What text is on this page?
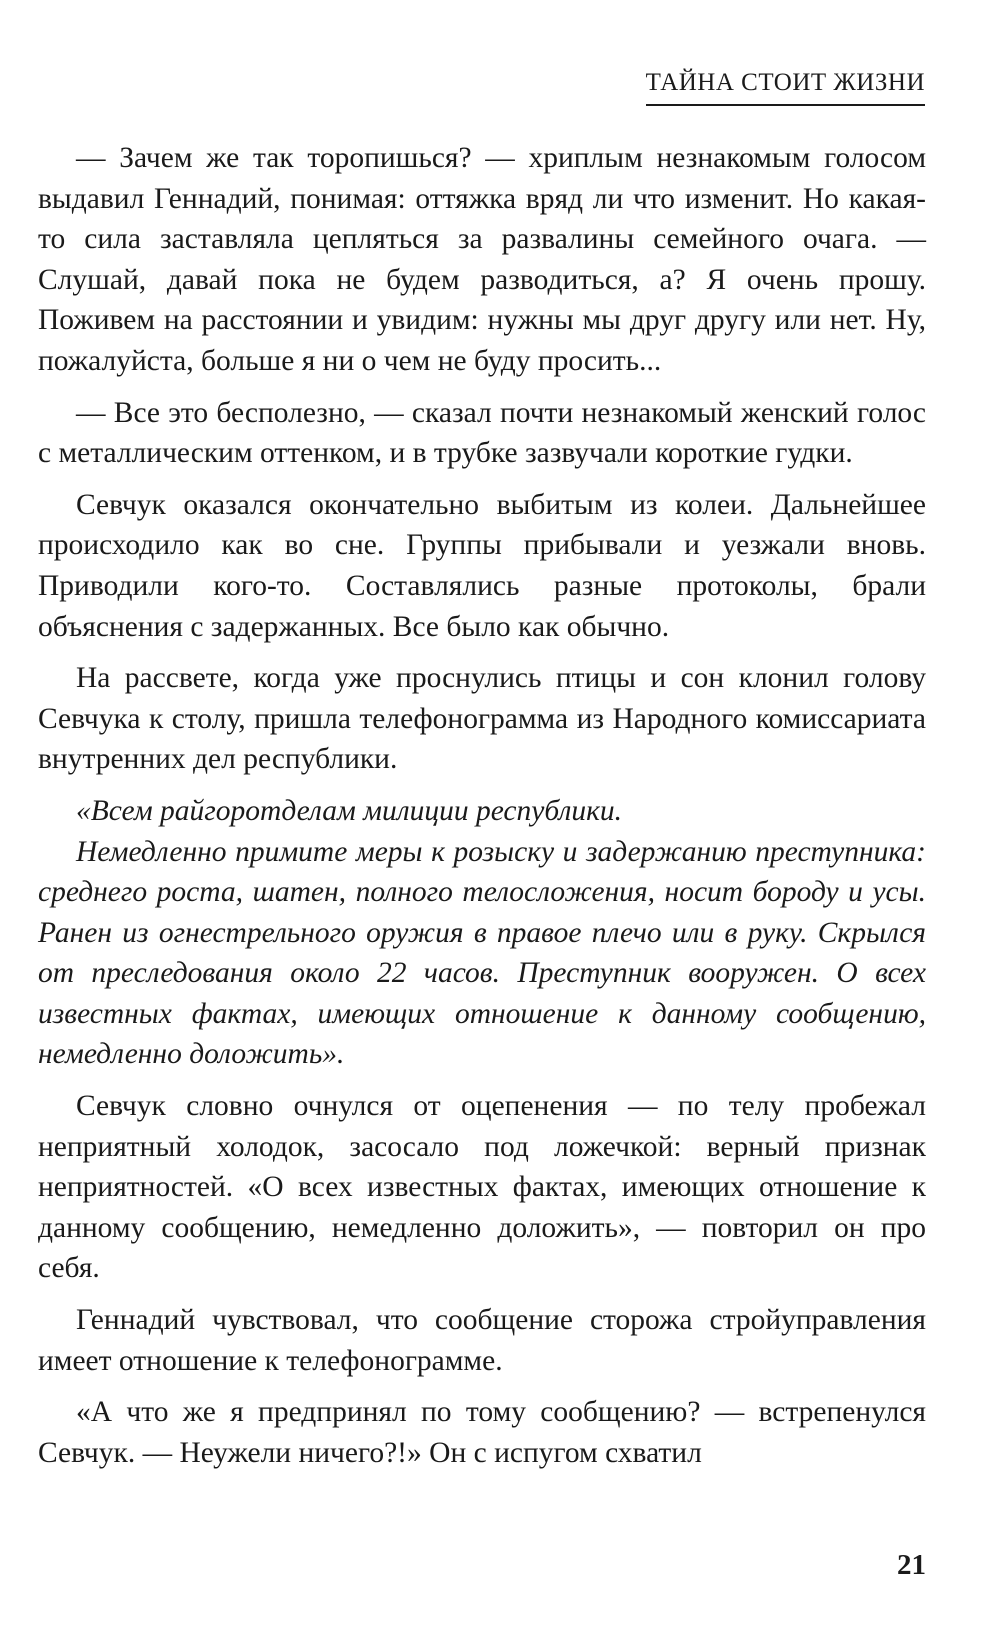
ТАЙНА СТОИТ ЖИЗНИ

— Зачем же так торопишься? — хриплым незнакомым голосом выдавил Геннадий, понимая: оттяжка вряд ли что изменит. Но какая-то сила заставляла цепляться за развалины семейного очага. — Слушай, давай пока не будем разводиться, а? Я очень прошу. Поживем на расстоянии и увидим: нужны мы друг другу или нет. Ну, пожалуйста, больше я ни о чем не буду просить...

— Все это бесполезно, — сказал почти незнакомый женский голос с металлическим оттенком, и в трубке зазвучали короткие гудки.

Севчук оказался окончательно выбитым из колеи. Дальнейшее происходило как во сне. Группы прибывали и уезжали вновь. Приводили кого-то. Составлялись разные протоколы, брали объяснения с задержанных. Все было как обычно.

На рассвете, когда уже проснулись птицы и сон клонил голову Севчука к столу, пришла телефонограмма из Народного комиссариата внутренних дел республики.

«Всем райгоротделам милиции республики.

Немедленно примите меры к розыску и задержанию преступника: среднего роста, шатен, полного телосложения, носит бороду и усы. Ранен из огнестрельного оружия в правое плечо или в руку. Скрылся от преследования около 22 часов. Преступник вооружен. О всех известных фактах, имеющих отношение к данному сообщению, немедленно доложить».

Севчук словно очнулся от оцепенения — по телу пробежал неприятный холодок, засосало под ложечкой: верный признак неприятностей. «О всех известных фактах, имеющих отношение к данному сообщению, немедленно доложить», — повторил он про себя.

Геннадий чувствовал, что сообщение сторожа стройуправления имеет отношение к телефонограмме.

«А что же я предпринял по тому сообщению? — встрепенулся Севчук. — Неужели ничего?!» Он с испугом схватил

21
